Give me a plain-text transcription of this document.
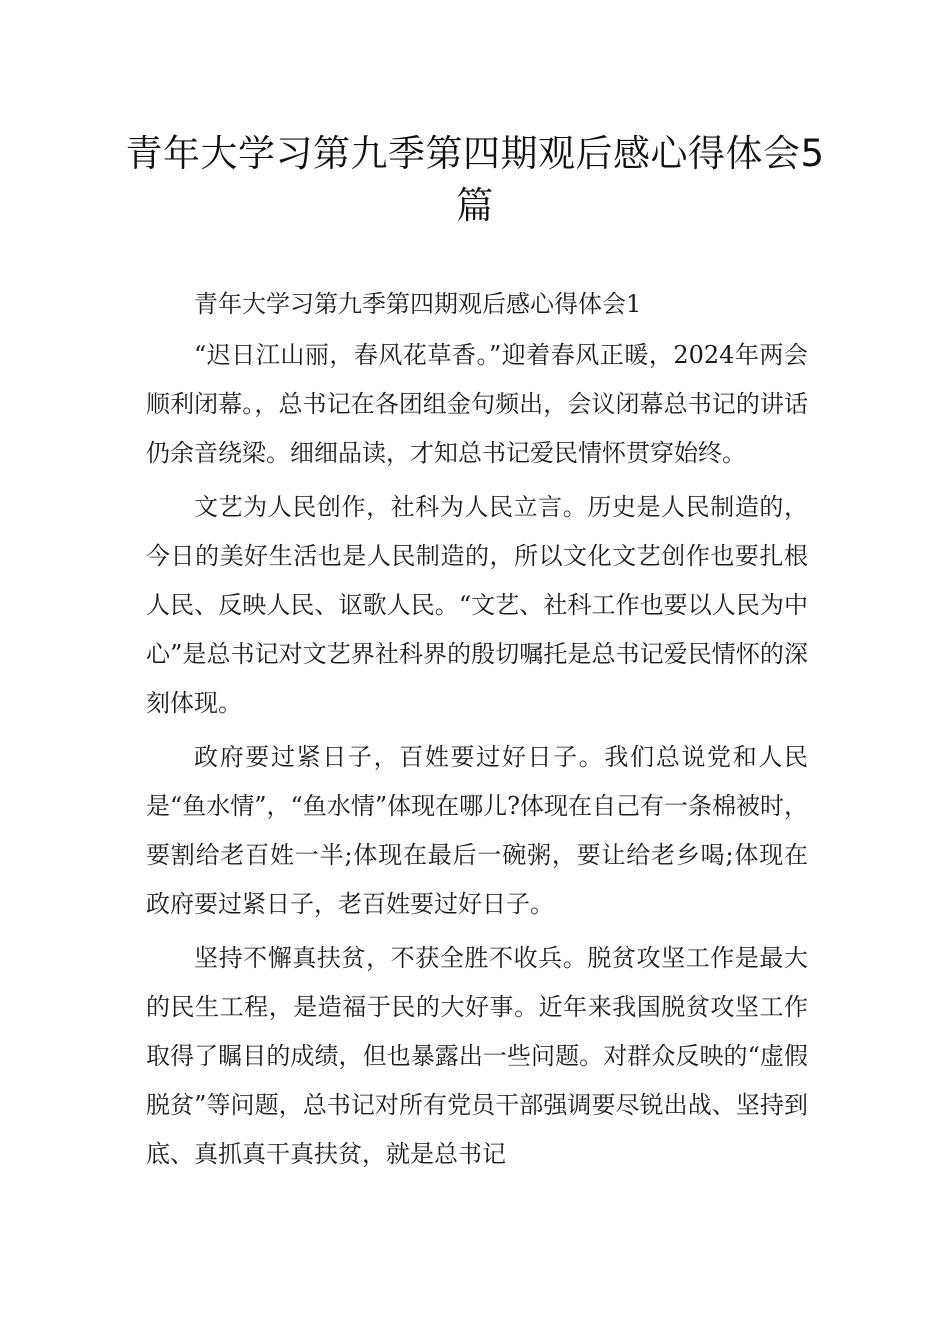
青年大学习第九季第四期观后感心得体会5篇

青年大学习第九季第四期观后感心得体会1

“迟日江山丽，春风花草香。”迎着春风正暖，2024年两会顺利闭幕。，总书记在各团组金句频出，会议闭幕总书记的讲话仍余音绕梁。细细品读，才知总书记爱民情怀贯穿始终。

文艺为人民创作，社科为人民立言。历史是人民制造的，今日的美好生活也是人民制造的，所以文化文艺创作也要扎根人民、反映人民、讴歌人民。“文艺、社科工作也要以人民为中心”是总书记对文艺界社科界的殷切嘱托是总书记爱民情怀的深刻体现。

政府要过紧日子，百姓要过好日子。我们总说党和人民是“鱼水情”，“鱼水情”体现在哪儿?体现在自己有一条棉被时，要割给老百姓一半;体现在最后一碗粥，要让给老乡喝;体现在政府要过紧日子，老百姓要过好日子。

坚持不懈真扶贫，不获全胜不收兵。脱贫攻坚工作是最大的民生工程，是造福于民的大好事。近年来我国脱贫攻坚工作取得了瞩目的成绩，但也暴露出一些问题。对群众反映的“虚假脱贫”等问题，总书记对所有党员干部强调要尽锐出战、坚持到底、真抓真干真扶贫，就是总书记
